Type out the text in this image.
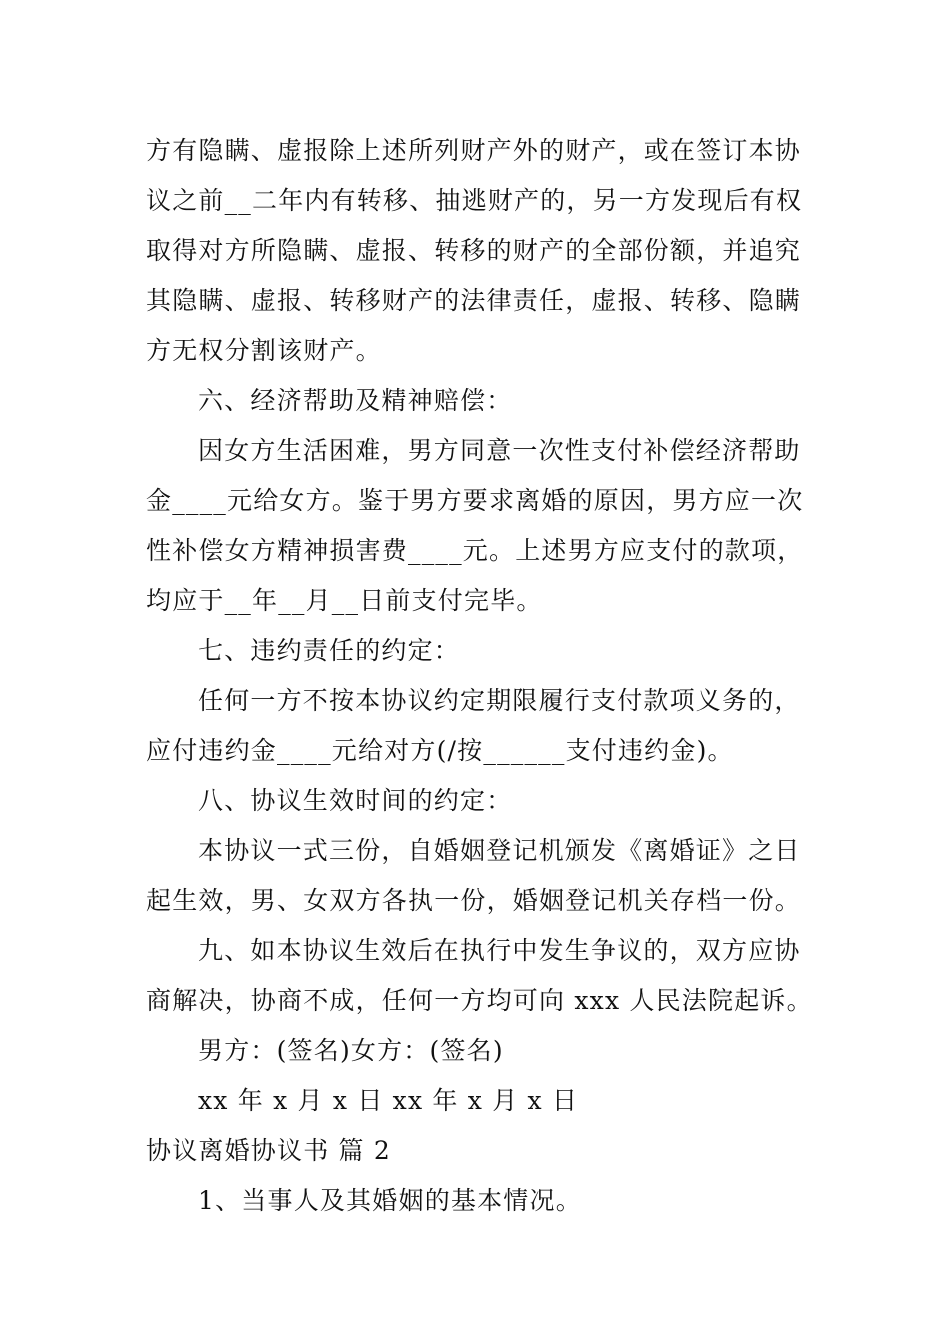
方有隐瞒、虚报除上述所列财产外的财产，或在签订本协
议之前__二年内有转移、抽逃财产的，另一方发现后有权
取得对方所隐瞒、虚报、转移的财产的全部份额，并追究
其隐瞒、虚报、转移财产的法律责任，虚报、转移、隐瞒
方无权分割该财产。
六、经济帮助及精神赔偿：
因女方生活困难，男方同意一次性支付补偿经济帮助
金____元给女方。鉴于男方要求离婚的原因，男方应一次
性补偿女方精神损害费____元。上述男方应支付的款项，
均应于__年__月__日前支付完毕。
七、违约责任的约定：
任何一方不按本协议约定期限履行支付款项义务的，
应付违约金____元给对方(/按______支付违约金)。
八、协议生效时间的约定：
本协议一式三份，自婚姻登记机颁发《离婚证》之日
起生效，男、女双方各执一份，婚姻登记机关存档一份。
九、如本协议生效后在执行中发生争议的，双方应协
商解决，协商不成，任何一方均可向 xxx 人民法院起诉。
男方：(签名)女方：(签名)
xx 年 x 月 x 日 xx 年 x 月 x 日
协议离婚协议书 篇 2
1、当事人及其婚姻的基本情况。
